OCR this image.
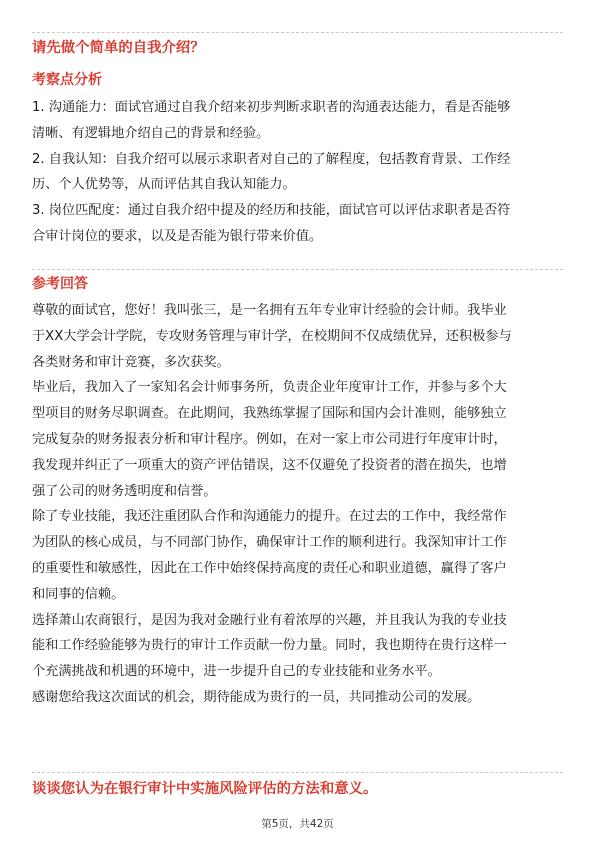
请先做个简单的自我介绍？
考察点分析
1. 沟通能力：面试官通过自我介绍来初步判断求职者的沟通表达能力，看是否能够
清晰、有逻辑地介绍自己的背景和经验。
2. 自我认知：自我介绍可以展示求职者对自己的了解程度，包括教育背景、工作经
历、个人优势等，从而评估其自我认知能力。
3. 岗位匹配度：通过自我介绍中提及的经历和技能，面试官可以评估求职者是否符
合审计岗位的要求，以及是否能为银行带来价值。
参考回答
尊敬的面试官，您好！我叫张三，是一名拥有五年专业审计经验的会计师。我毕业
于XX大学会计学院，专攻财务管理与审计学，在校期间不仅成绩优异，还积极参与
各类财务和审计竞赛，多次获奖。
毕业后，我加入了一家知名会计师事务所，负责企业年度审计工作，并参与多个大
型项目的财务尽职调查。在此期间，我熟练掌握了国际和国内会计准则，能够独立
完成复杂的财务报表分析和审计程序。例如，在对一家上市公司进行年度审计时，
我发现并纠正了一项重大的资产评估错误，这不仅避免了投资者的潜在损失，也增
强了公司的财务透明度和信誉。
除了专业技能，我还注重团队合作和沟通能力的提升。在过去的工作中，我经常作
为团队的核心成员，与不同部门协作，确保审计工作的顺利进行。我深知审计工作
的重要性和敏感性，因此在工作中始终保持高度的责任心和职业道德，赢得了客户
和同事的信赖。
选择萧山农商银行，是因为我对金融行业有着浓厚的兴趣，并且我认为我的专业技
能和工作经验能够为贵行的审计工作贡献一份力量。同时，我也期待在贵行这样一
个充满挑战和机遇的环境中，进一步提升自己的专业技能和业务水平。
感谢您给我这次面试的机会，期待能成为贵行的一员，共同推动公司的发展。
谈谈您认为在银行审计中实施风险评估的方法和意义。
第5页，共42页
